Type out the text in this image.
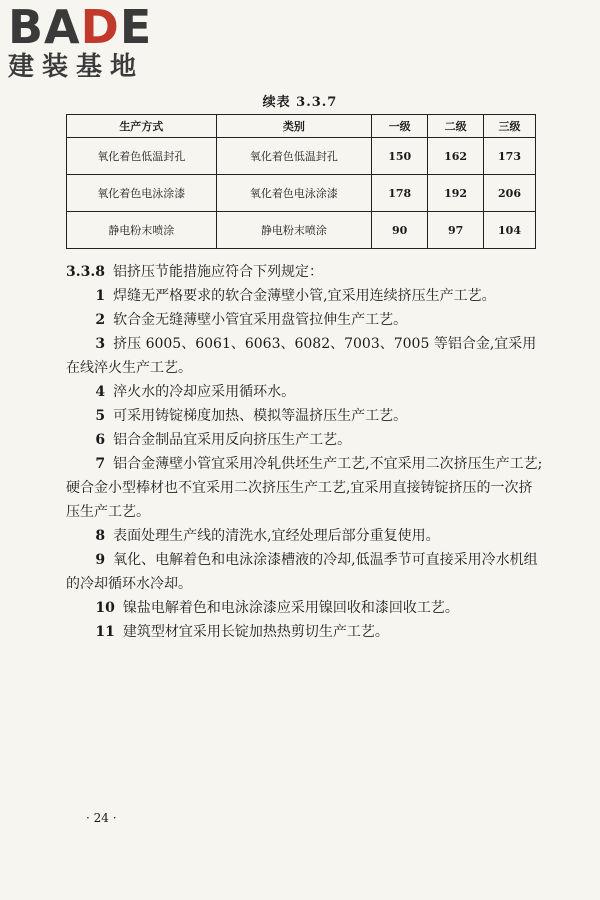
BADE
建装基地
续表 3.3.7
生产方式	类别	一级	二级	三级
氧化着色低温封孔	氧化着色低温封孔	150	162	173
氧化着色电泳涂漆	氧化着色电泳涂漆	178	192	206
静电粉末喷涂	静电粉末喷涂	90	97	104

3.3.8 铝挤压节能措施应符合下列规定：

1 焊缝无严格要求的软合金薄壁小管,宜采用连续挤压生产工艺。

2 软合金无缝薄壁小管宜采用盘管拉伸生产工艺。

3 挤压 6005、6061、6063、6082、7003、7005 等铝合金,宜采用在线淬火生产工艺。

4 淬火水的冷却应采用循环水。

5 可采用铸锭梯度加热、模拟等温挤压生产工艺。

6 铝合金制品宜采用反向挤压生产工艺。

7 铝合金薄壁小管宜采用冷轧供坯生产工艺,不宜采用二次挤压生产工艺;硬合金小型棒材也不宜采用二次挤压生产工艺,宜采用直接铸锭挤压的一次挤压生产工艺。

8 表面处理生产线的清洗水,宜经处理后部分重复使用。

9 氧化、电解着色和电泳涂漆槽液的冷却,低温季节可直接采用冷水机组的冷却循环水冷却。

10 镍盐电解着色和电泳涂漆应采用镍回收和漆回收工艺。

11 建筑型材宜采用长锭加热热剪切生产工艺。

· 24 ·
